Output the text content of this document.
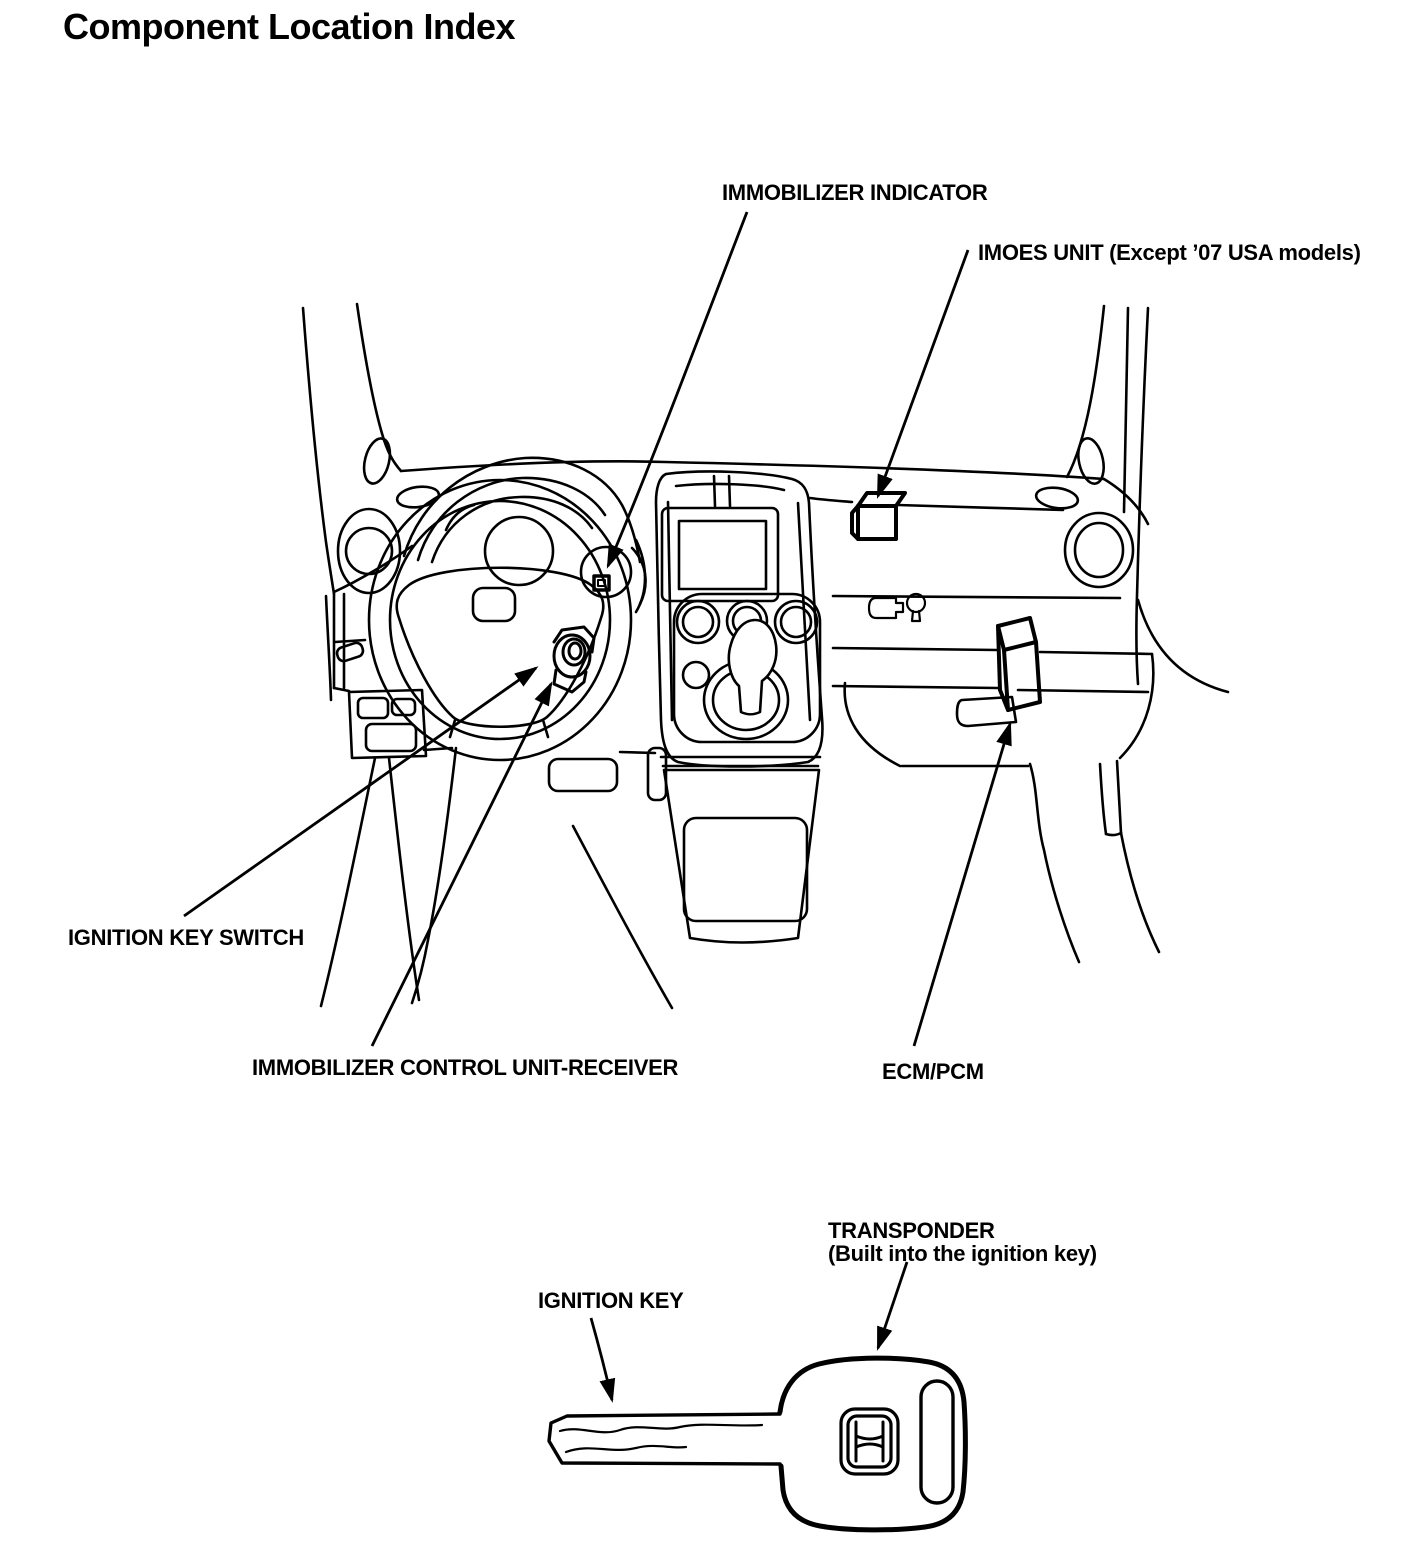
Component Location Index
IMMOBILIZER INDICATOR
IMOES UNIT (Except ’07 USA models)
IGNITION KEY SWITCH
IMMOBILIZER CONTROL UNIT-RECEIVER	ECM/PCM
TRANSPONDER
(Built into the ignition key)
IGNITION KEY
